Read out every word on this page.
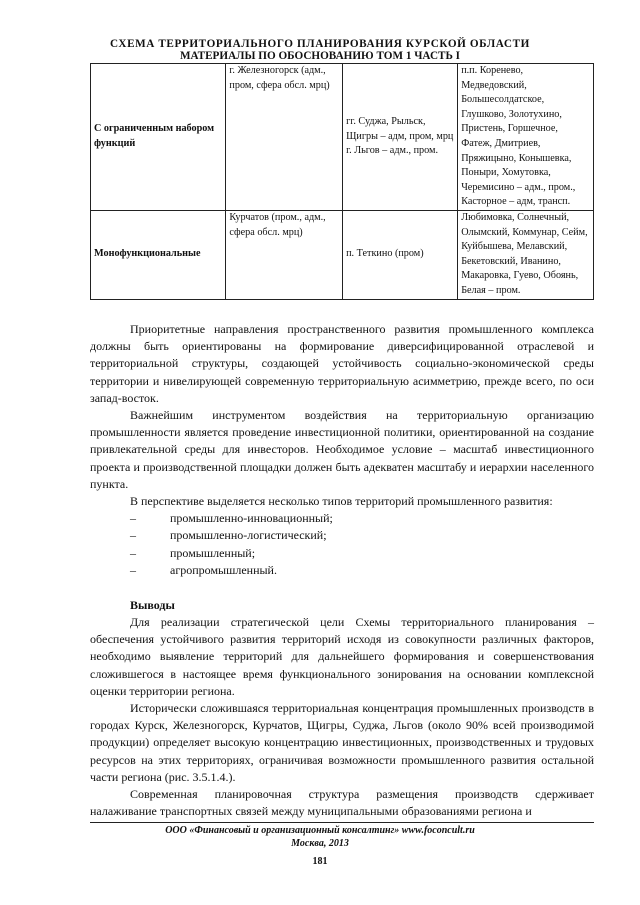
СХЕМА ТЕРРИТОРИАЛЬНОГО ПЛАНИРОВАНИЯ КУРСКОЙ ОБЛАСТИ
МАТЕРИАЛЫ ПО ОБОСНОВАНИЮ ТОМ 1 ЧАСТЬ I
С ограниченным набором функций	г. Железногорск (адм., пром, сфера обсл. мрц)	гг. Суджа, Рыльск, Щигры – адм, пром, мрц г. Льгов – адм., пром.	п.п. Коренево, Медведовский, Большесолдатское, Глушково, Золотухино, Пристень, Горшечное, Фатеж, Дмитриев, Пряжицыно, Конышевка, Поныри, Хомутовка, Черемисино – адм., пром., Касторное – адм, трансп.
Монофункциональные	Курчатов (пром., адм., сфера обсл. мрц)	п. Теткино (пром)	Любимовка, Солнечный, Олымский, Коммунар, Сейм, Куйбышева, Мелавский, Бекетовский, Иванино, Макаровка, Гуево, Обоянь, Белая – пром.

Приоритетные направления пространственного развития промышленного комплекса должны быть ориентированы на формирование диверсифицированной отраслевой и территориальной структуры, создающей устойчивость социально-экономической среды территории и нивелирующей современную территориальную асимметрию, прежде всего, по оси запад-восток.

Важнейшим инструментом воздействия на территориальную организацию промышленности является проведение инвестиционной политики, ориентированной на создание привлекательной среды для инвесторов. Необходимое условие – масштаб инвестиционного проекта и производственной площадки должен быть адекватен масштабу и иерархии населенного пункта.

В перспективе выделяется несколько типов территорий промышленного развития:

–	промышленно-инновационный;
–	промышленно-логистический;
–	промышленный;
–	агропромышленный.
Выводы

Для реализации стратегической цели Схемы территориального планирования – обеспечения устойчивого развития территорий исходя из совокупности различных факторов, необходимо выявление территорий для дальнейшего формирования и совершенствования сложившегося в настоящее время функционального зонирования на основании комплексной оценки территории региона.

Исторически сложившаяся территориальная концентрация промышленных производств в городах Курск, Железногорск, Курчатов, Щигры, Суджа, Льгов (около 90% всей производимой продукции) определяет высокую концентрацию инвестиционных, производственных и трудовых ресурсов на этих территориях, ограничивая возможности промышленного развития остальной части региона (рис. 3.5.1.4.).

Современная планировочная структура размещения производств сдерживает налаживание транспортных связей между муниципальными образованиями региона и

ООО «Финансовый и организационный консалтинг» www.foconcult.ru
Москва, 2013
181
